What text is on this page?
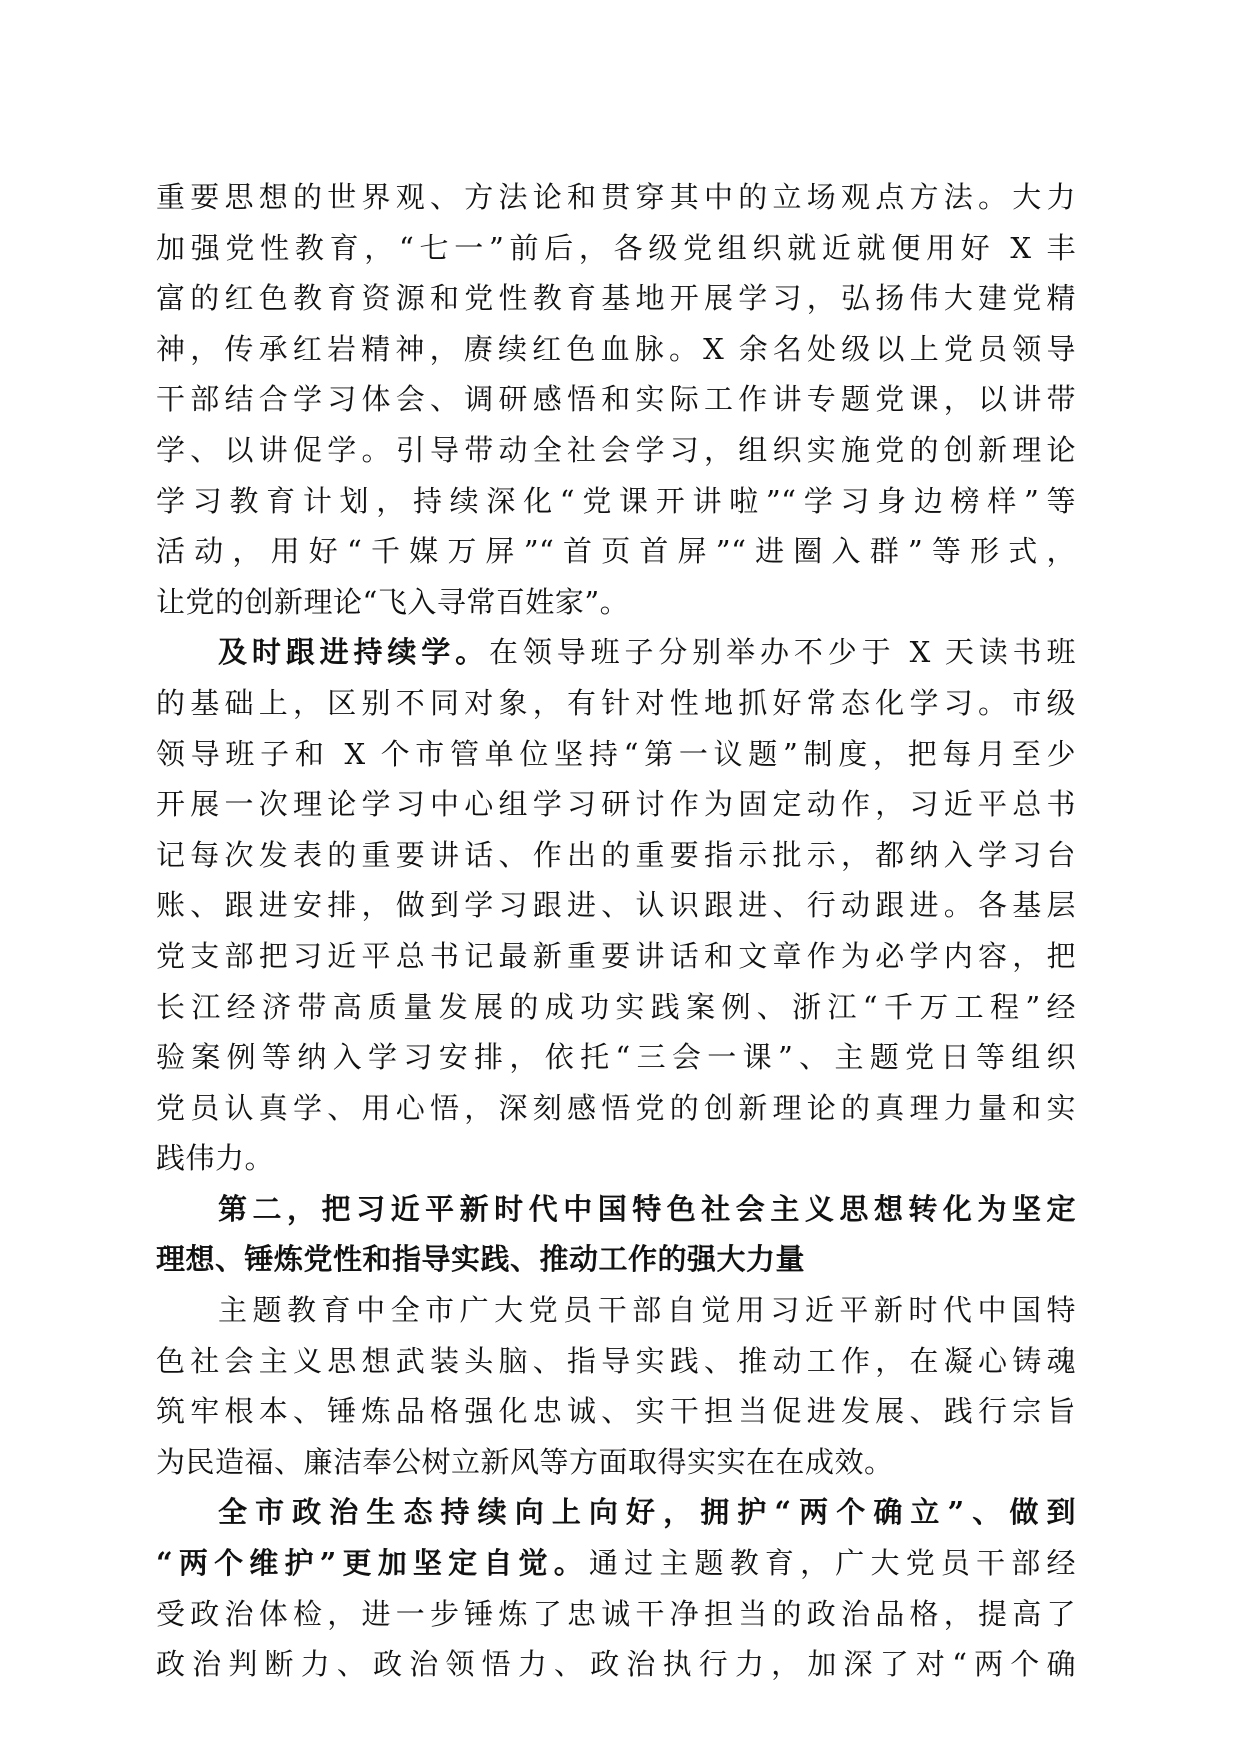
重要思想的世界观、方法论和贯穿其中的立场观点方法。大力
加强党性教育，“七一”前后，各级党组织就近就便用好 X 丰
富的红色教育资源和党性教育基地开展学习，弘扬伟大建党精
神，传承红岩精神，赓续红色血脉。X 余名处级以上党员领导
干部结合学习体会、调研感悟和实际工作讲专题党课，以讲带
学、以讲促学。引导带动全社会学习，组织实施党的创新理论
学习教育计划，持续深化“党课开讲啦”“学习身边榜样”等
活动，用好“千媒万屏”“首页首屏”“进圈入群”等形式，
让党的创新理论“飞入寻常百姓家”。
及时跟进持续学。在领导班子分别举办不少于 X 天读书班
的基础上，区别不同对象，有针对性地抓好常态化学习。市级
领导班子和 X 个市管单位坚持“第一议题”制度，把每月至少
开展一次理论学习中心组学习研讨作为固定动作，习近平总书
记每次发表的重要讲话、作出的重要指示批示，都纳入学习台
账、跟进安排，做到学习跟进、认识跟进、行动跟进。各基层
党支部把习近平总书记最新重要讲话和文章作为必学内容，把
长江经济带高质量发展的成功实践案例、浙江“千万工程”经
验案例等纳入学习安排，依托“三会一课”、主题党日等组织
党员认真学、用心悟，深刻感悟党的创新理论的真理力量和实
践伟力。
第二，把习近平新时代中国特色社会主义思想转化为坚定
理想、锤炼党性和指导实践、推动工作的强大力量
主题教育中全市广大党员干部自觉用习近平新时代中国特
色社会主义思想武装头脑、指导实践、推动工作，在凝心铸魂
筑牢根本、锤炼品格强化忠诚、实干担当促进发展、践行宗旨
为民造福、廉洁奉公树立新风等方面取得实实在在成效。
全市政治生态持续向上向好，拥护“两个确立”、做到
“两个维护”更加坚定自觉。通过主题教育，广大党员干部经
受政治体检，进一步锤炼了忠诚干净担当的政治品格，提高了
政治判断力、政治领悟力、政治执行力，加深了对“两个确
